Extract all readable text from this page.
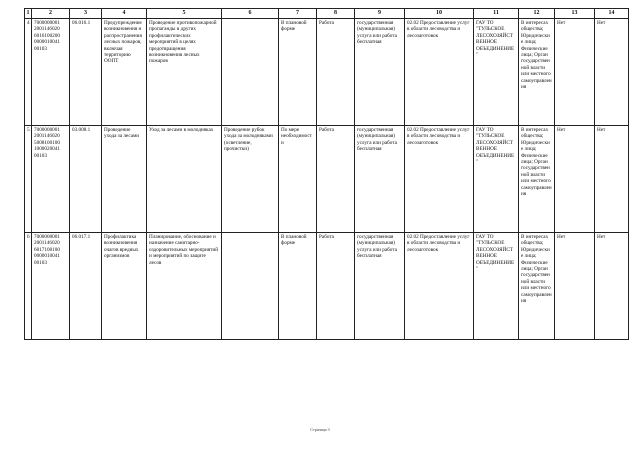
1	2	3	4	5	6	7	8	9	10	11	12	13	14
4	7000000001 2001146020 6016100200 0000010041 00103	06.016.1	Предупреждение возникновения и распространения лесных пожаров, включая территорию ООПТ	Проведение противопожарной пропаганды и других профилактических мероприятий в целях предотвращения возникновения лесных пожаров		В плановой форме	Работа	государственная (муниципальная) услуга или работа бесплатная	02.02 Предоставление услуг в области лесоводства и лесозаготовок	ГАУ ТО "ТУЛЬСКОЕ ЛЕСОХОЗЯЙСТВЕННОЕ ОБЪЕДИНЕНИЕ"	В интересах общества; Юридические лица; Физические лица; Орган государственной власти или местного самоуправления	Нет	Нет
5	7000000001 2001146020 5008100100 1000020041 00103	03.008.1	Проведение ухода за лесами	Уход за лесами в молодняках	Проведение рубок ухода за молодняками (осветление, прочистки)	По мере необходимости	Работа	государственная (муниципальная) услуга или работа бесплатная	02.02 Предоставление услуг в области лесоводства и лесозаготовок	ГАУ ТО "ТУЛЬСКОЕ ЛЕСОХОЗЯЙСТВЕННОЕ ОБЪЕДИНЕНИЕ"	В интересах общества; Юридические лица; Физические лица; Орган государственной власти или местного самоуправления	Нет	Нет
6	7000000001 2001146020 6017100100 0000010041 00103	06.017.1	Профилактика возникновения очагов вредных организмов	Планирование, обоснование и назначение санитарно-оздоровительных мероприятий и мероприятий по защите лесов		В плановой форме	Работа	государственная (муниципальная) услуга или работа бесплатная	02.02 Предоставление услуг в области лесоводства и лесозаготовок	ГАУ ТО "ТУЛЬСКОЕ ЛЕСОХОЗЯЙСТВЕННОЕ ОБЪЕДИНЕНИЕ"	В интересах общества; Юридические лица; Физические лица; Орган государственной власти или местного самоуправления	Нет	Нет
Страница 3
